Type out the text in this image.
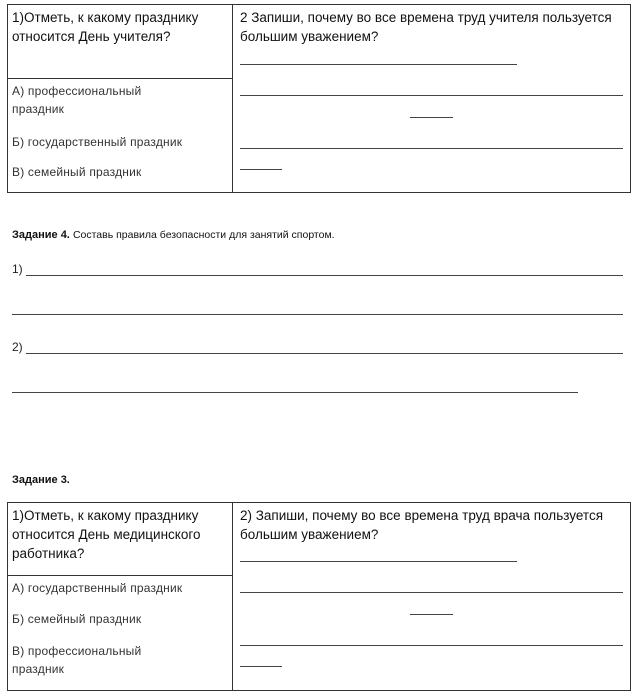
1)Отметь, к какому празднику относится День учителя?
2 Запиши, почему во все времена труд учителя пользуется большим уважением?
А) профессиональный праздник
Б) государственный праздник
В) семейный праздник
Задание 4. Составь правила безопасности для занятий спортом.
1)
2)
Задание 3.
1)Отметь, к какому празднику относится День медицинского работника?
2) Запиши, почему во все времена труд врача пользуется большим уважением?
А) государственный праздник
Б) семейный праздник
В) профессиональный праздник
